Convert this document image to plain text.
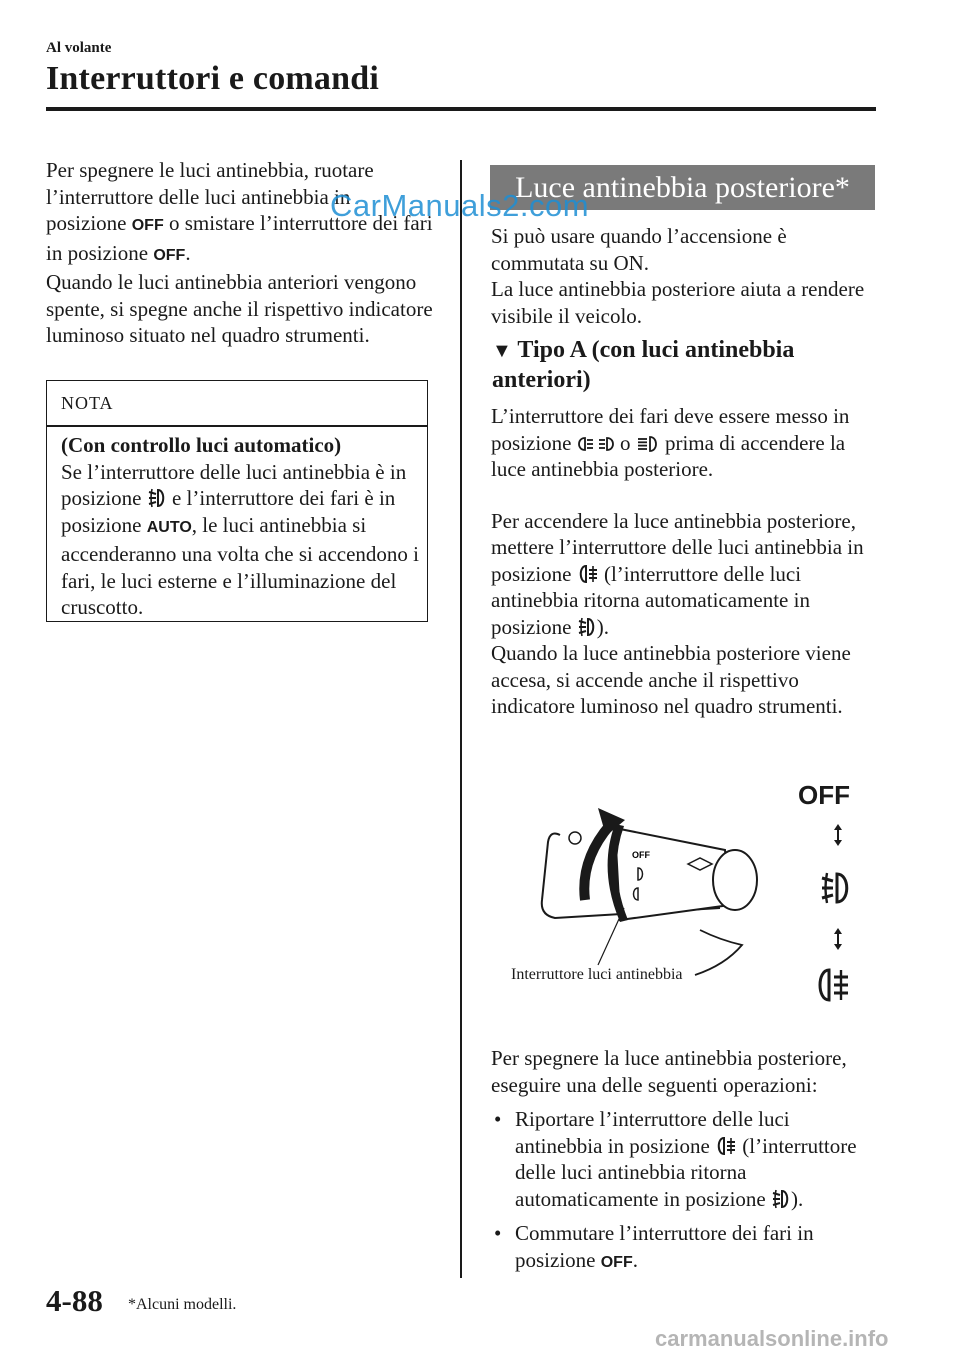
Al volante
Interruttori e comandi

Per spegnere le luci antinebbia, ruotare l’interruttore delle luci antinebbia in posizione OFF o smistare l’interruttore dei fari in posizione OFF.

Quando le luci antinebbia anteriori vengono spente, si spegne anche il rispettivo indicatore luminoso situato nel quadro strumenti.

NOTA

(Con controllo luci automatico)

Se l’interruttore delle luci antinebbia è in posizione  e l’interruttore dei fari è in posizione AUTO, le luci antinebbia si accenderanno una volta che si accendono i fari, le luci esterne e l’illuminazione del cruscotto.

Luce antinebbia posteriore*

Si può usare quando l’accensione è commutata su ON.

La luce antinebbia posteriore aiuta a rendere visibile il veicolo.

▼ Tipo A (con luci antinebbia anteriori)

L’interruttore dei fari deve essere messo in posizione  o  prima di accendere la luce antinebbia posteriore.

Per accendere la luce antinebbia posteriore, mettere l’interruttore delle luci antinebbia in posizione  (l’interruttore delle luci antinebbia ritorna automaticamente in posizione ).

Quando la luce antinebbia posteriore viene accesa, si accende anche il rispettivo indicatore luminoso nel quadro strumenti.

OFF
OFF
Interruttore luci antinebbia

Per spegnere la luce antinebbia posteriore, eseguire una delle seguenti operazioni:

• Riportare l’interruttore delle luci antinebbia in posizione  (l’interruttore delle luci antinebbia ritorna automaticamente in posizione ).
• Commutare l’interruttore dei fari in posizione OFF.
CarManuals2.com
4-88 *Alcuni modelli.
carmanualsonline.info
